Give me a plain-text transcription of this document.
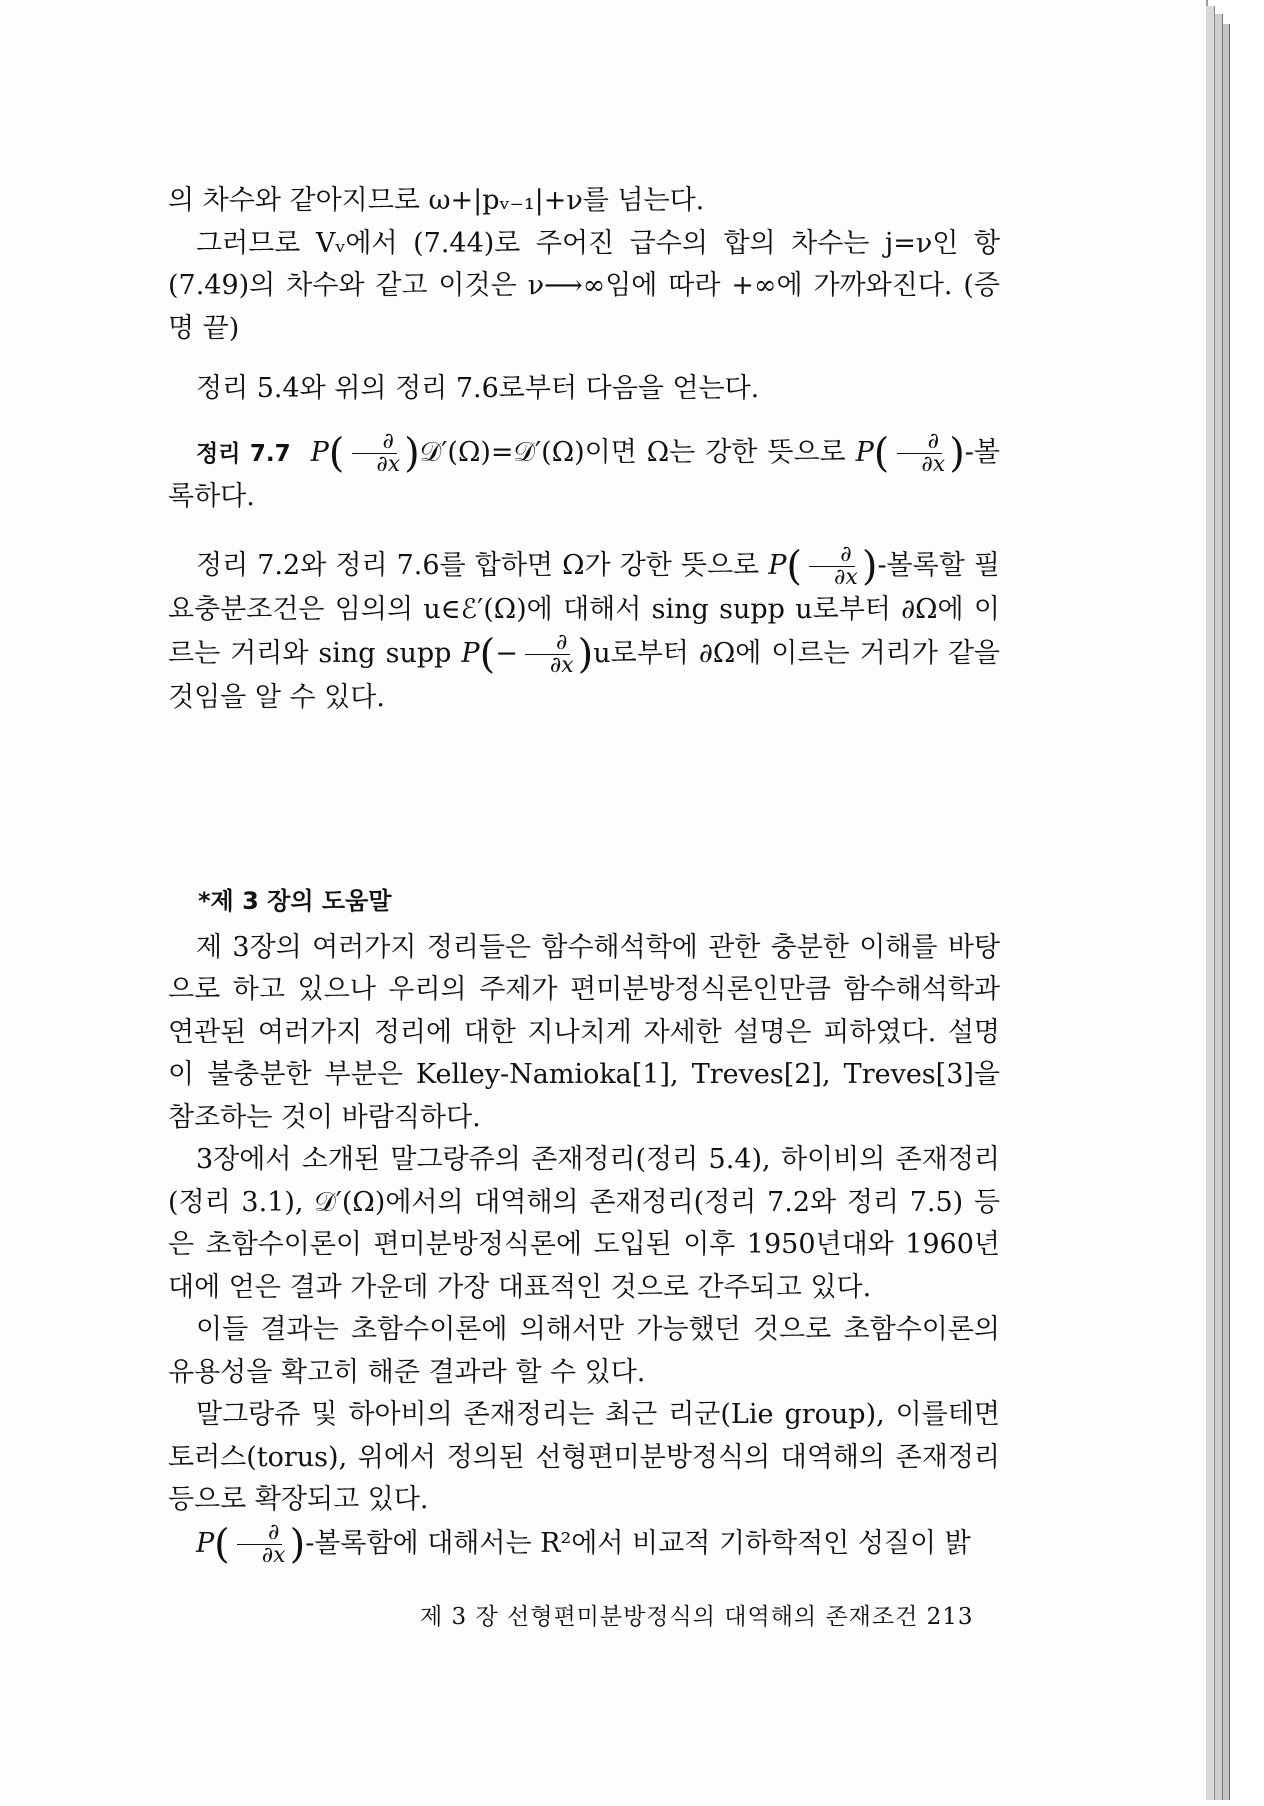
의 차수와 같아지므로 ω+|pᵥ₋₁|+ν를 넘는다.

그러므로 Vᵥ에서 (7.44)로 주어진 급수의 합의 차수는 j=ν인 항 (7.49)의 차수와 같고 이것은 ν⟶∞임에 따라 +∞에 가까와진다. (증명 끝)

정리 5.4와 위의 정리 7.6로부터 다음을 얻는다.

정리 7.7 $P( \frac{\partial}{\partial x}$ )𝒟′(Ω)=𝒟′(Ω)이면 Ω는 강한 뜻으로 $P( \frac{\partial}{\partial x}$ )-볼록하다.

정리 7.2와 정리 7.6를 합하면 Ω가 강한 뜻으로 $P( \frac{\partial}{\partial x}$ )-볼록할 필요충분조건은 임의의 u∈ℰ′(Ω)에 대해서 sing supp u로부터 ∂Ω에 이르는 거리와 sing supp $P(- \frac{\partial}{\partial x} )u$로부터 ∂Ω에 이르는 거리가 같을 것임을 알 수 있다.

*제 3 장의 도움말

제 3장의 여러가지 정리들은 함수해석학에 관한 충분한 이해를 바탕으로 하고 있으나 우리의 주제가 편미분방정식론인만큼 함수해석학과 연관된 여러가지 정리에 대한 지나치게 자세한 설명은 피하였다. 설명이 불충분한 부분은 Kelley-Namioka[1], Treves[2], Treves[3]을 참조하는 것이 바람직하다.

3장에서 소개된 말그랑쥬의 존재정리(정리 5.4), 하이비의 존재정리(정리 3.1), 𝒟′(Ω)에서의 대역해의 존재정리(정리 7.2와 정리 7.5) 등은 초함수이론이 편미분방정식론에 도입된 이후 1950년대와 1960년대에 얻은 결과 가운데 가장 대표적인 것으로 간주되고 있다.

이들 결과는 초함수이론에 의해서만 가능했던 것으로 초함수이론의 유용성을 확고히 해준 결과라 할 수 있다.

말그랑쥬 및 하아비의 존재정리는 최근 리군(Lie group), 이를테면 토러스(torus), 위에서 정의된 선형편미분방정식의 대역해의 존재정리 등으로 확장되고 있다.

$P( \frac{\partial}{\partial x}$ )-볼록함에 대해서는 R²에서 비교적 기하학적인 성질이 밝

제 3 장 선형편미분방정식의 대역해의 존재조건 213
